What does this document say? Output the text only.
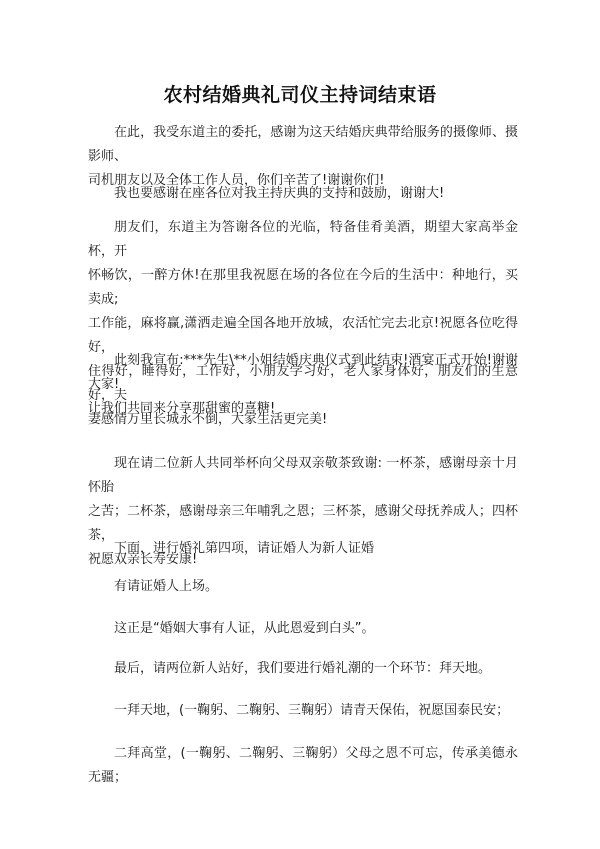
农村结婚典礼司仪主持词结束语

在此，我受东道主的委托，感谢为这天结婚庆典带给服务的摄像师、摄影师、
司机朋友以及全体工作人员，你们辛苦了!谢谢你们!

我也要感谢在座各位对我主持庆典的支持和鼓励，谢谢大!

朋友们，东道主为答谢各位的光临，特备佳肴美酒，期望大家高举金杯，开
怀畅饮，一醉方休!在那里我祝愿在场的各位在今后的生活中：种地行，买卖成;
工作能，麻将赢,潇洒走遍全国各地开放城，农活忙完去北京!祝愿各位吃得好，
住得好，睡得好，工作好，小朋友学习好，老人家身体好，朋友们的生意好，夫
妻感情万里长城永不倒，大家生活更完美!

此刻我宣布:***先生\**小姐结婚庆典仪式到此结束!酒宴正式开始!谢谢大家!
让我们共同来分享那甜蜜的喜糖!

现在请二位新人共同举杯向父母双亲敬茶致谢: 一杯茶，感谢母亲十月怀胎
之苦；二杯茶，感谢母亲三年哺乳之恩；三杯茶，感谢父母抚养成人；四杯茶，
祝愿双亲长寿安康!

下面，进行婚礼第四项，请证婚人为新人证婚

有请证婚人上场。

这正是“婚姻大事有人证，从此恩爱到白头”。

最后，请两位新人站好，我们要进行婚礼潮的一个环节：拜天地。

一拜天地，(一鞠躬、二鞠躬、三鞠躬）请青天保佑，祝愿国泰民安；

二拜高堂，(一鞠躬、二鞠躬、三鞠躬）父母之恩不可忘，传承美德永无疆；
